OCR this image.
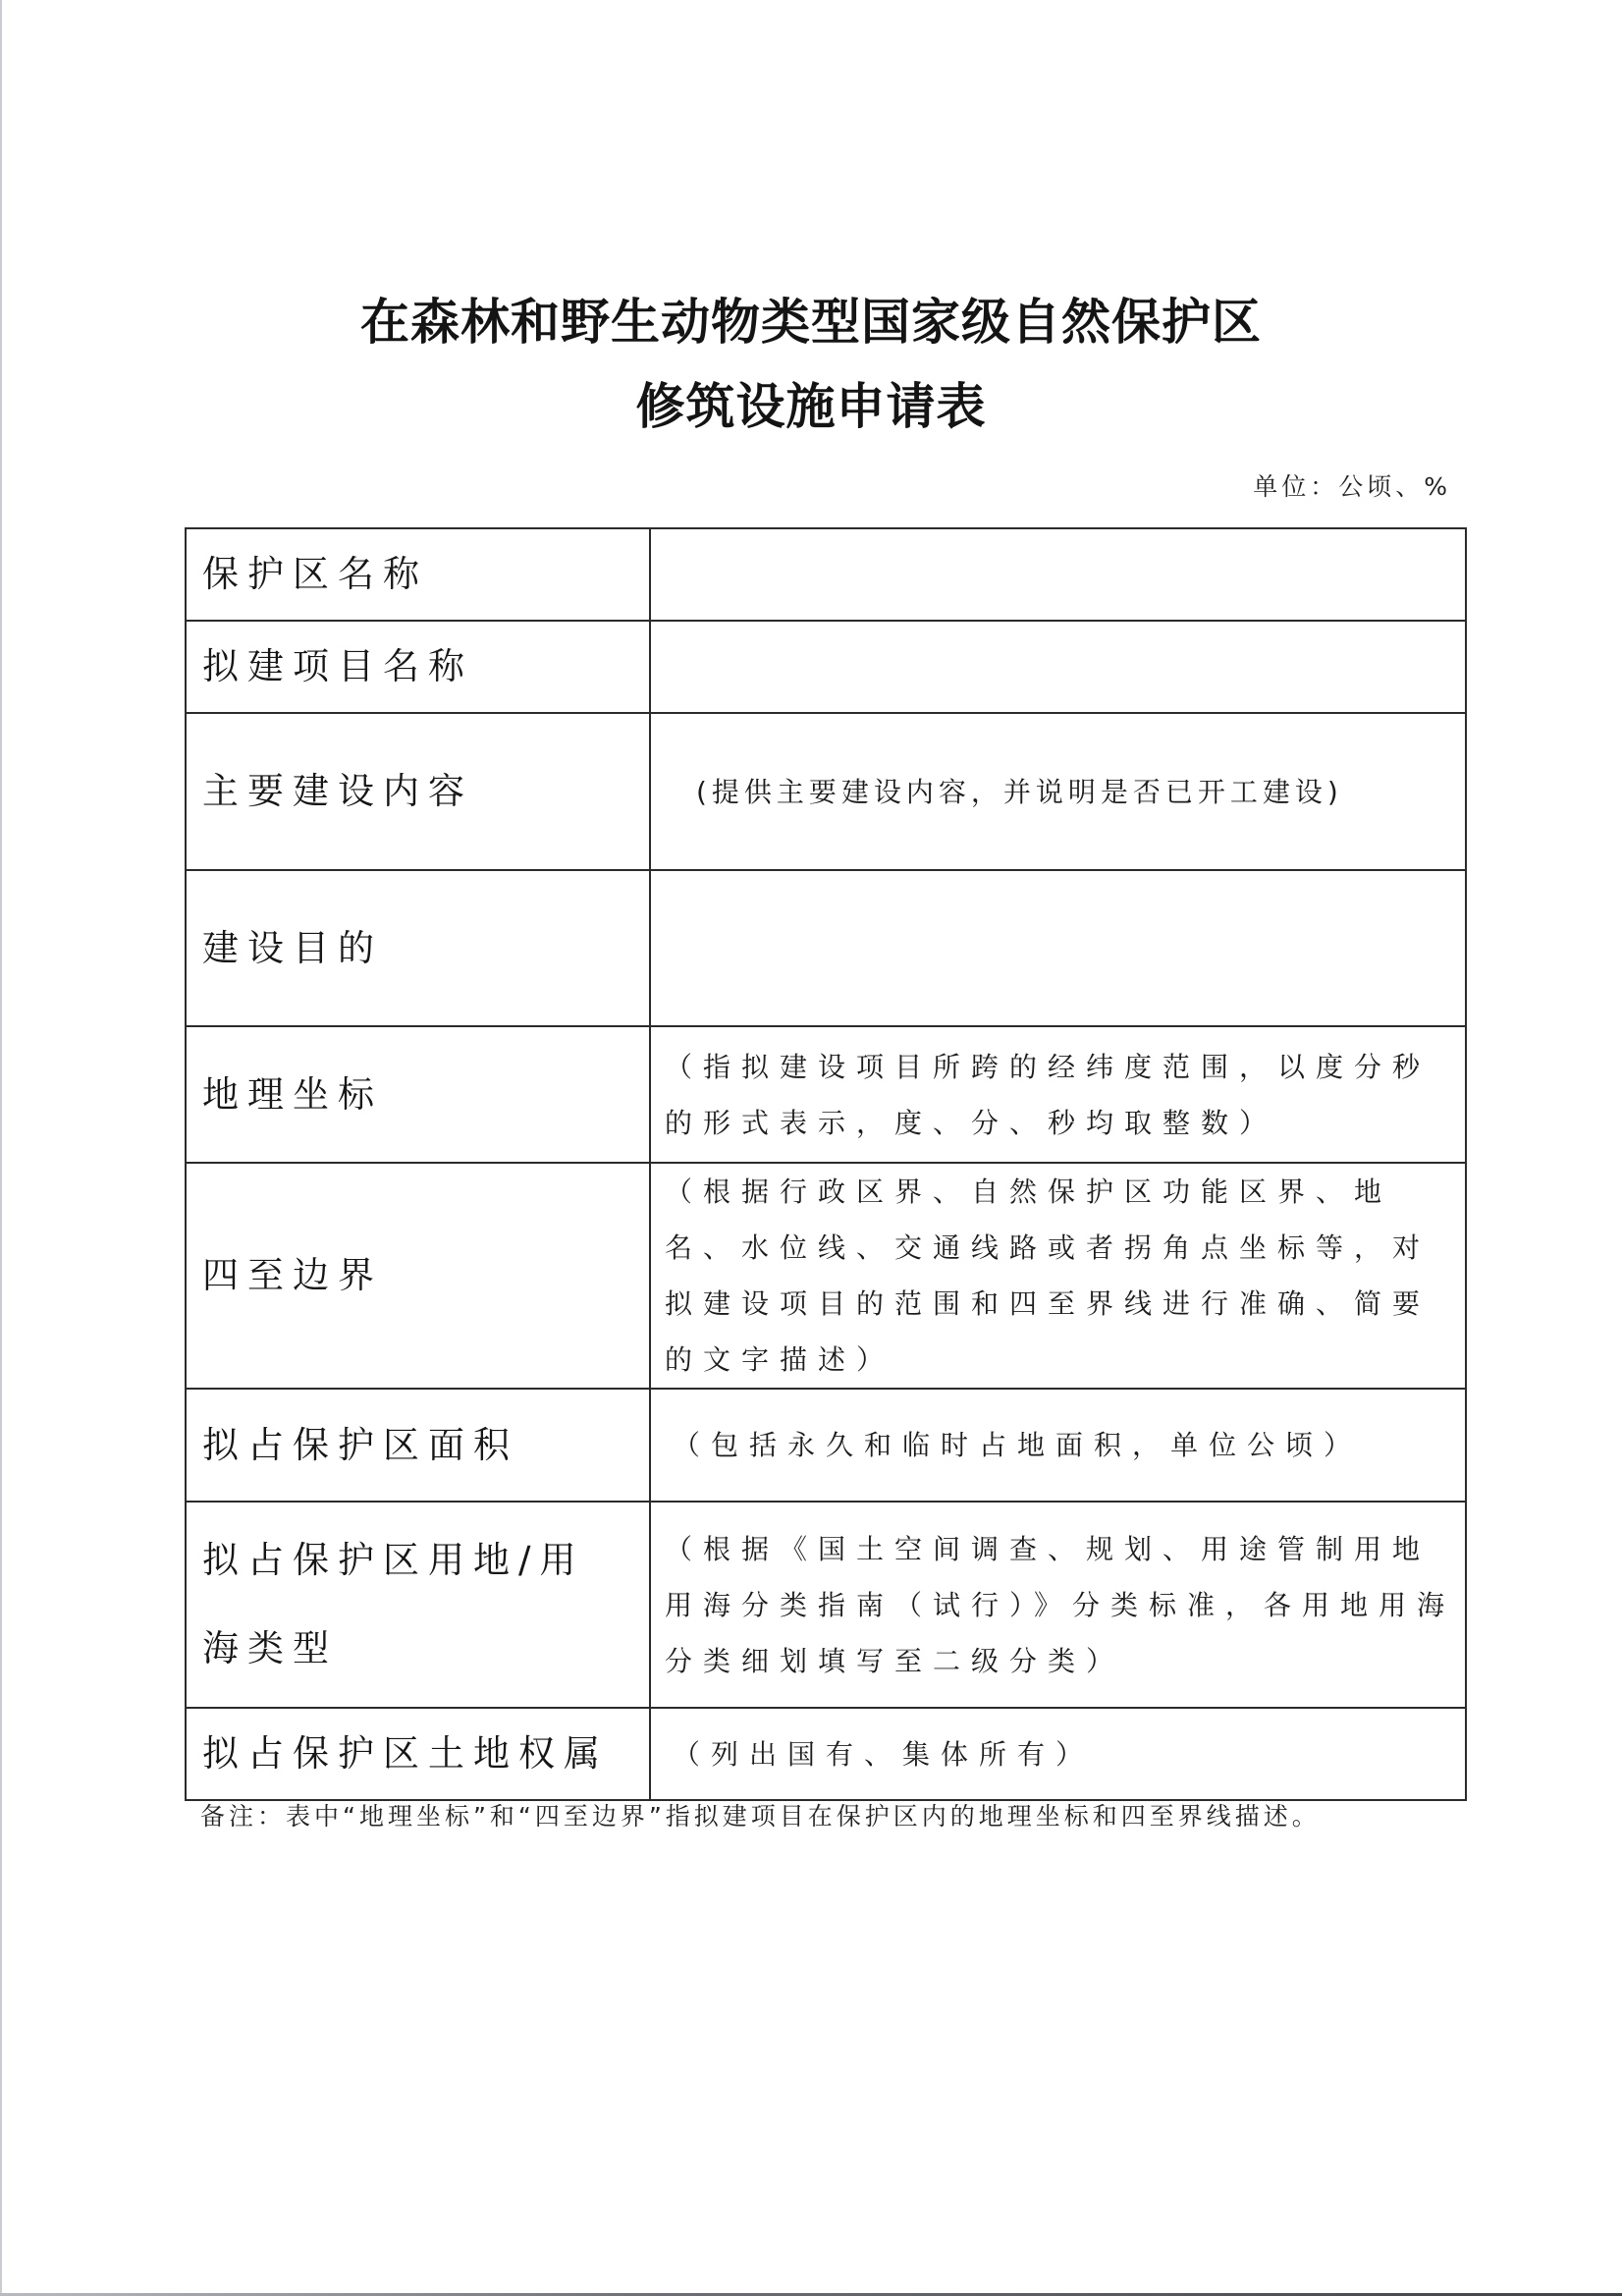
在森林和野生动物类型国家级自然保护区
修筑设施申请表
单位：公顷、%
保护区名称	
拟建项目名称	
主要建设内容	(提供主要建设内容，并说明是否已开工建设)
建设目的	
地理坐标	（指拟建设项目所跨的经纬度范围，以度分秒的形式表示，度、分、秒均取整数）
四至边界	（根据行政区界、自然保护区功能区界、地名、水位线、交通线路或者拐角点坐标等，对拟建设项目的范围和四至界线进行准确、简要的文字描述）
拟占保护区面积	（包括永久和临时占地面积，单位公顷）
拟占保护区用地/用海类型	（根据《国土空间调查、规划、用途管制用地用海分类指南（试行）》分类标准，各用地用海分类细划填写至二级分类）
拟占保护区土地权属	（列出国有、集体所有）
备注：表中“地理坐标”和“四至边界”指拟建项目在保护区内的地理坐标和四至界线描述。
